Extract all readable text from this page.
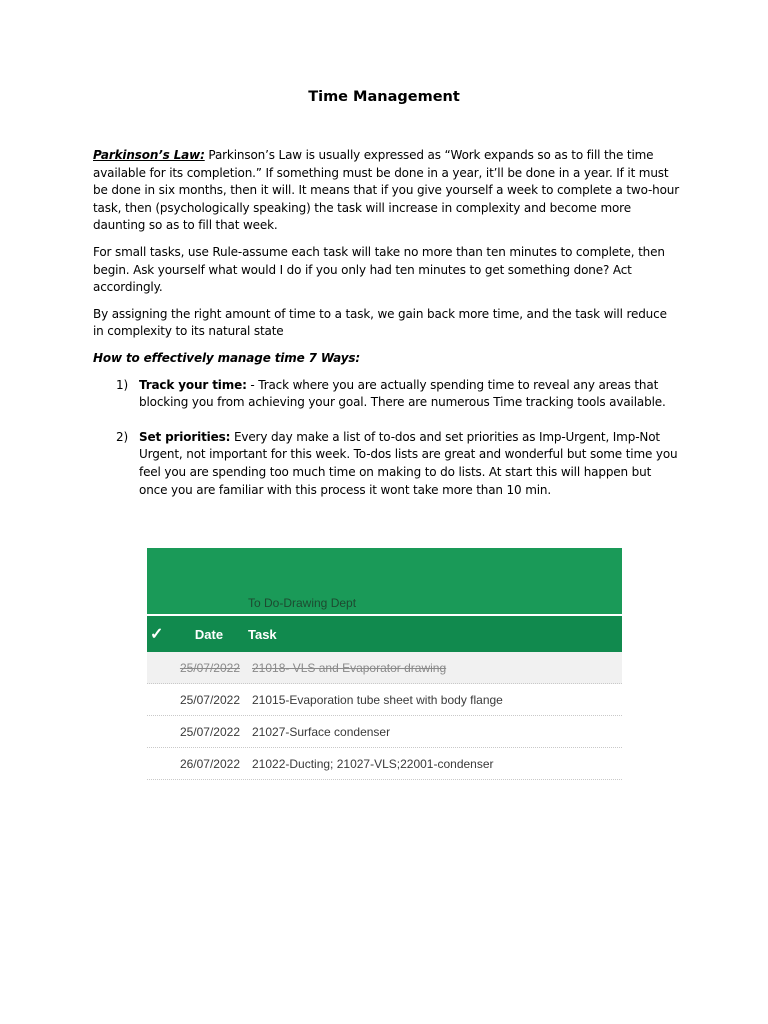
Time Management

Parkinson’s Law: Parkinson’s Law is usually expressed as “Work expands so as to fill the time available for its completion.” If something must be done in a year, it’ll be done in a year. If it must be done in six months, then it will. It means that if you give yourself a week to complete a two-hour task, then (psychologically speaking) the task will increase in complexity and become more daunting so as to fill that week.

For small tasks, use Rule-assume each task will take no more than ten minutes to complete, then begin. Ask yourself what would I do if you only had ten minutes to get something done? Act accordingly.

By assigning the right amount of time to a task, we gain back more time, and the task will reduce in complexity to its natural state

How to effectively manage time 7 Ways:

1) Track your time: - Track where you are actually spending time to reveal any areas that blocking you from achieving your goal. There are numerous Time tracking tools available.
2) Set priorities: Every day make a list of to-dos and set priorities as Imp-Urgent, Imp-Not Urgent, not important for this week. To-dos lists are great and wonderful but some time you feel you are spending too much time on making to do lists. At start this will happen but once you are familiar with this process it wont take more than 10 min.
To Do-Drawing Dept
✓	Date	Task
25/07/2022	21018- VLS and Evaporator drawing
25/07/2022	21015-Evaporation tube sheet with body flange
25/07/2022	21027-Surface condenser
26/07/2022	21022-Ducting; 21027-VLS;22001-condenser
